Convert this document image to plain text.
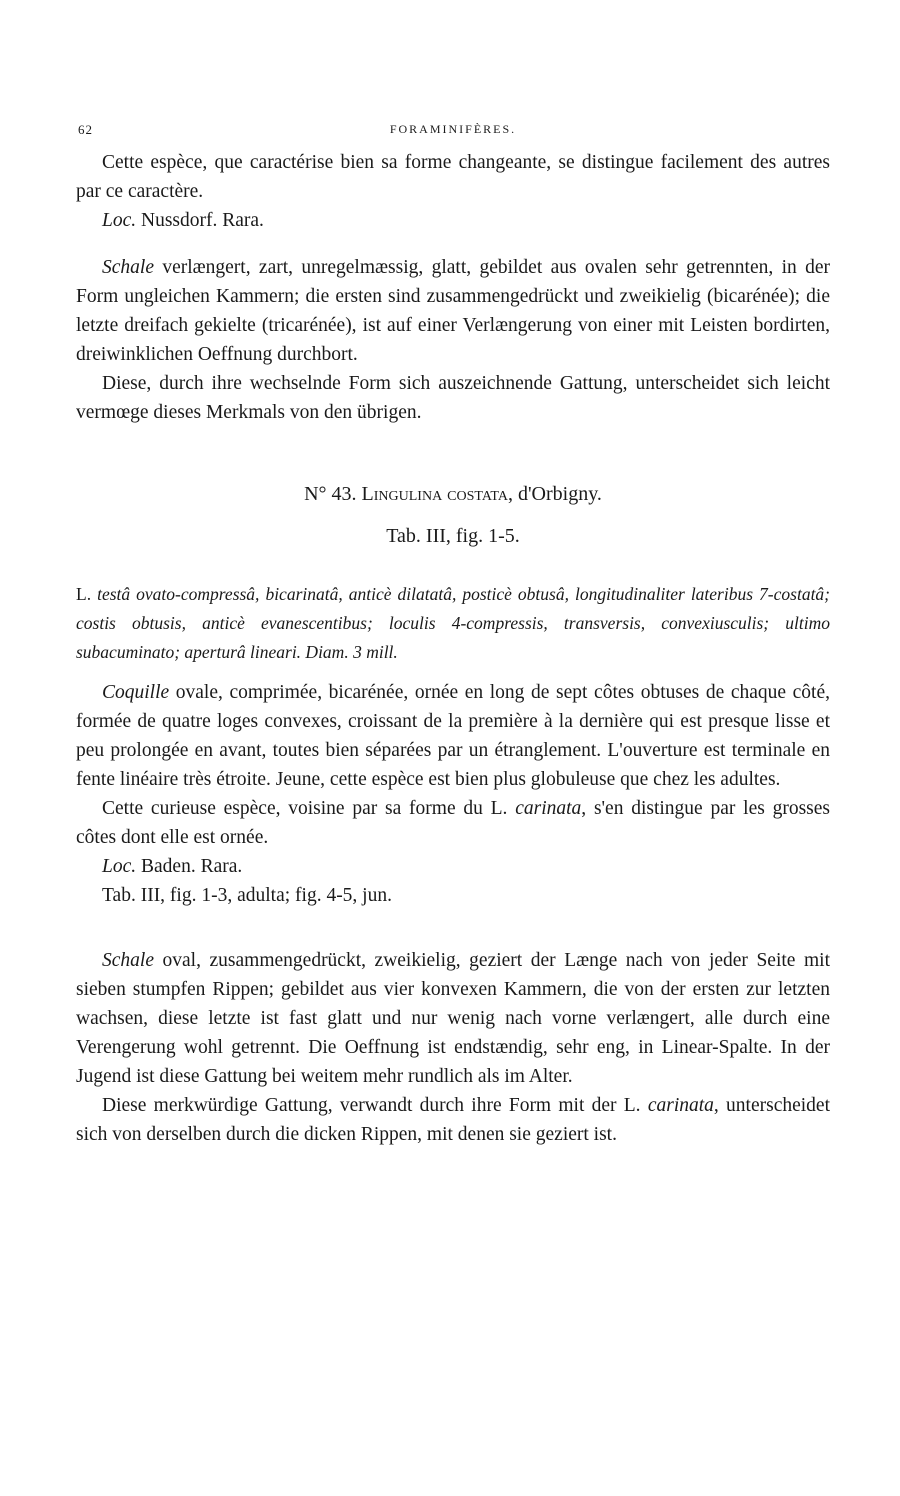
62	FORAMINIFÈRES.

Cette espèce, que caractérise bien sa forme changeante, se distingue facilement des autres par ce caractère.

Loc. Nussdorf. Rara.

Schale verlængert, zart, unregelmæssig, glatt, gebildet aus ovalen sehr getrennten, in der Form ungleichen Kammern; die ersten sind zusammengedrückt und zweikielig (bicarénée); die letzte dreifach gekielte (tricarénée), ist auf einer Verlængerung von einer mit Leisten bordirten, dreiwinklichen Oeffnung durchbort.

Diese, durch ihre wechselnde Form sich auszeichnende Gattung, unterscheidet sich leicht vermœge dieses Merkmals von den übrigen.

N° 43. Lingulina costata, d'Orbigny.
Tab. III, fig. 1-5.
L. testâ ovato-compressâ, bicarinatâ, anticè dilatatâ, posticè obtusâ, longitudinaliter lateribus 7-costatâ; costis obtusis, anticè evanescentibus; loculis 4-compressis, transversis, convexiusculis; ultimo subacuminato; aperturâ lineari. Diam. 3 mill.

Coquille ovale, comprimée, bicarénée, ornée en long de sept côtes obtuses de chaque côté, formée de quatre loges convexes, croissant de la première à la dernière qui est presque lisse et peu prolongée en avant, toutes bien séparées par un étranglement. L'ouverture est terminale en fente linéaire très étroite. Jeune, cette espèce est bien plus globuleuse que chez les adultes.

Cette curieuse espèce, voisine par sa forme du L. carinata, s'en distingue par les grosses côtes dont elle est ornée.

Loc. Baden. Rara.

Tab. III, fig. 1-3, adulta; fig. 4-5, jun.

Schale oval, zusammengedrückt, zweikielig, geziert der Længe nach von jeder Seite mit sieben stumpfen Rippen; gebildet aus vier konvexen Kammern, die von der ersten zur letzten wachsen, diese letzte ist fast glatt und nur wenig nach vorne verlængert, alle durch eine Verengerung wohl getrennt. Die Oeffnung ist endstændig, sehr eng, in Linear-Spalte. In der Jugend ist diese Gattung bei weitem mehr rundlich als im Alter.

Diese merkwürdige Gattung, verwandt durch ihre Form mit der L. carinata, unterscheidet sich von derselben durch die dicken Rippen, mit denen sie geziert ist.
